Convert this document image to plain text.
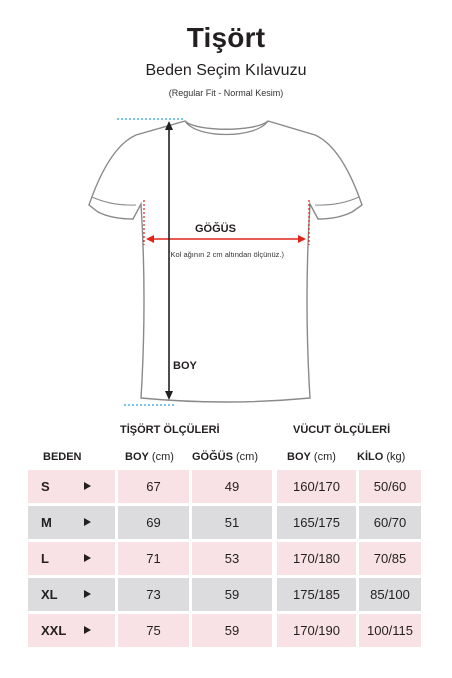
Tişört
Beden Seçim Kılavuzu
(Regular Fit - Normal Kesim)
GÖĞÜS
(Kol ağının 2 cm altından ölçünüz.)
BOY
TİŞÖRT ÖLÇÜLERİ	VÜCUT ÖLÇÜLERİ
BEDEN	BOY (cm) GÖĞÜS (cm)	BOY (cm) KİLO (kg)
S	67	49	160/170	50/60
M	69	51	165/175	60/70
L	71	53	170/180	70/85
XL	73	59	175/185	85/100
XXL	75	59	170/190	100/115
